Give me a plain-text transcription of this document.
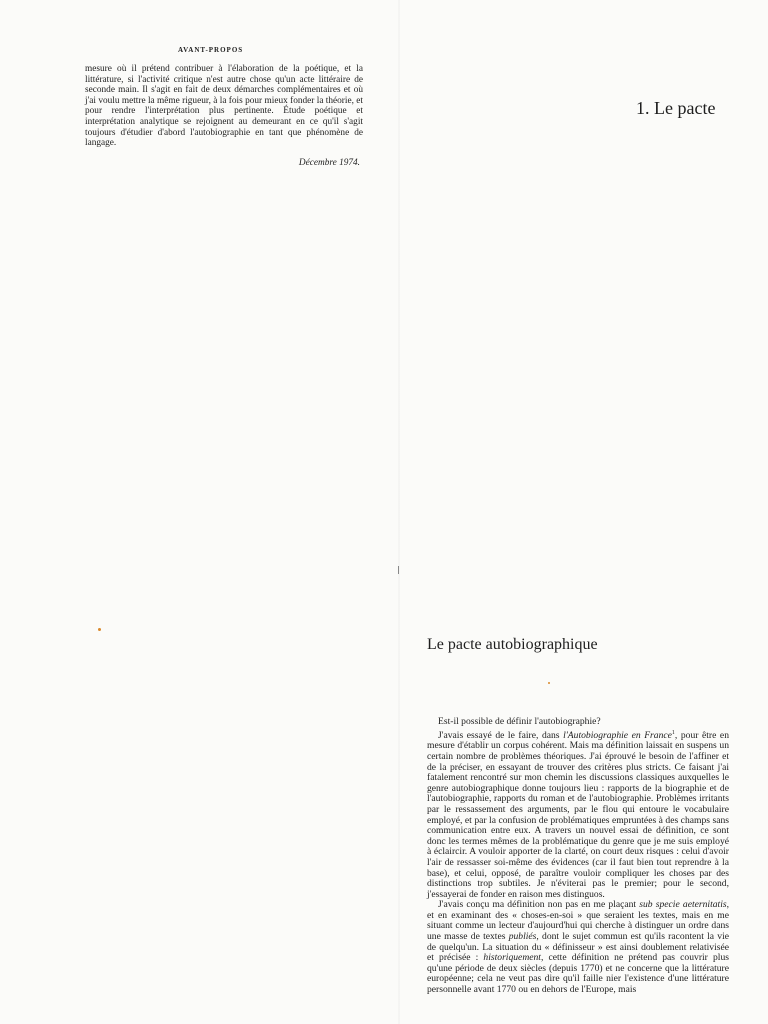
AVANT-PROPOS

mesure où il prétend contribuer à l'élaboration de la poétique, et la littérature, si l'activité critique n'est autre chose qu'un acte littéraire de seconde main. Il s'agit en fait de deux démarches complémentaires et où j'ai voulu mettre la même rigueur, à la fois pour mieux fonder la théorie, et pour rendre l'interprétation plus pertinente. Étude poétique et interprétation analytique se rejoignent au demeurant en ce qu'il s'agit toujours d'étudier d'abord l'autobiographie en tant que phénomène de langage.

Décembre 1974.
1. Le pacte
Le pacte autobiographique

Est-il possible de définir l'autobiographie?

J'avais essayé de le faire, dans l'Autobiographie en France$^1$, pour être en mesure d'établir un corpus cohérent. Mais ma définition laissait en suspens un certain nombre de problèmes théoriques. J'ai éprouvé le besoin de l'affiner et de la préciser, en essayant de trouver des critères plus stricts. Ce faisant j'ai fatalement rencontré sur mon chemin les discussions classiques auxquelles le genre autobiographique donne toujours lieu : rapports de la biographie et de l'autobiographie, rapports du roman et de l'autobiographie. Problèmes irritants par le ressassement des arguments, par le flou qui entoure le vocabulaire employé, et par la confusion de problématiques empruntées à des champs sans communication entre eux. A travers un nouvel essai de définition, ce sont donc les termes mêmes de la problématique du genre que je me suis employé à éclaircir. A vouloir apporter de la clarté, on court deux risques : celui d'avoir l'air de ressasser soi-même des évidences (car il faut bien tout reprendre à la base), et celui, opposé, de paraître vouloir compliquer les choses par des distinctions trop subtiles. Je n'éviterai pas le premier; pour le second, j'essayerai de fonder en raison mes distinguos.

J'avais conçu ma définition non pas en me plaçant sub specie aeternitatis, et en examinant des « choses-en-soi » que seraient les textes, mais en me situant comme un lecteur d'aujourd'hui qui cherche à distinguer un ordre dans une masse de textes publiés, dont le sujet commun est qu'ils racontent la vie de quelqu'un. La situation du « définisseur » est ainsi doublement relativisée et précisée : historiquement, cette définition ne prétend pas couvrir plus qu'une période de deux siècles (depuis 1770) et ne concerne que la littérature européenne; cela ne veut pas dire qu'il faille nier l'existence d'une littérature personnelle avant 1770 ou en dehors de l'Europe, mais
